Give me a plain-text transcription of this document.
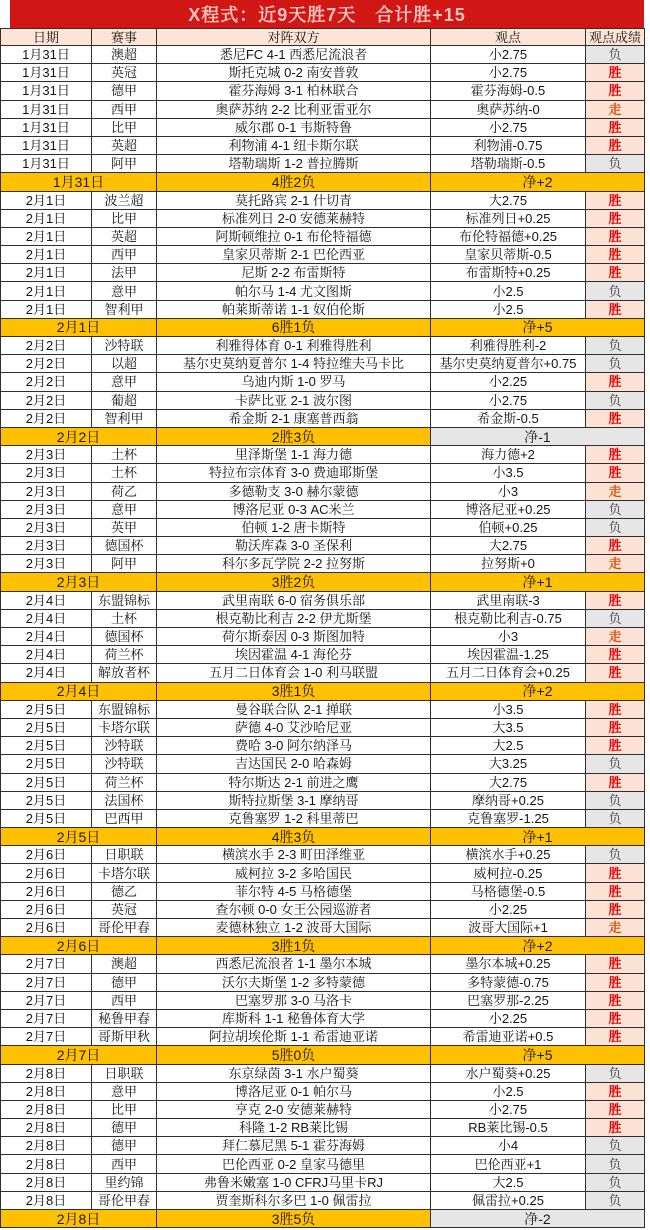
X程式：近9天胜7天　合计胜+15
日期	赛事	对阵双方	观点	观点成绩
1月31日	澳超	悉尼FC 4-1 西悉尼流浪者	小2.75	负
1月31日	英冠	斯托克城 0-2 南安普敦	小2.75	胜
1月31日	德甲	霍芬海姆 3-1 柏林联合	霍芬海姆-0.5	胜
1月31日	西甲	奥萨苏纳 2-2 比利亚雷亚尔	奥萨苏纳-0	走
1月31日	比甲	威尔郡 0-1 韦斯特鲁	小2.75	胜
1月31日	英超	利物浦 4-1 纽卡斯尔联	利物浦-0.75	胜
1月31日	阿甲	塔勒瑞斯 1-2 普拉腾斯	塔勒瑞斯-0.5	负
1月31日		4胜2负	净+2	
2月1日	波兰超	莫托路宾 2-1 什切青	大2.75	胜
2月1日	比甲	标准列日 2-0 安德莱赫特	标准列日+0.25	胜
2月1日	英超	阿斯顿维拉 0-1 布伦特福德	布伦特福德+0.25	胜
2月1日	西甲	皇家贝蒂斯 2-1 巴伦西亚	皇家贝蒂斯-0.5	胜
2月1日	法甲	尼斯 2-2 布雷斯特	布雷斯特+0.25	胜
2月1日	意甲	帕尔马 1-4 尤文图斯	小2.5	负
2月1日	智利甲	帕莱斯蒂诺 1-1 奴伯伦斯	小2.5	胜
2月1日		6胜1负	净+5	
2月2日	沙特联	利雅得体育 0-1 利雅得胜利	利雅得胜利-2	负
2月2日	以超	基尔史莫纳夏普尔 1-4 特拉维夫马卡比	基尔史莫纳夏普尔+0.75	负
2月2日	意甲	乌迪内斯 1-0 罗马	小2.25	胜
2月2日	葡超	卡萨比亚 2-1 波尔图	小2.75	负
2月2日	智利甲	希金斯 2-1 康塞普西翁	希金斯-0.5	胜
2月2日		2胜3负	净-1	
2月3日	土杯	里泽斯堡 1-1 海力德	海力德+2	胜
2月3日	土杯	特拉布宗体育 3-0 费迪耶斯堡	小3.5	胜
2月3日	荷乙	多德勒支 3-0 赫尔蒙德	小3	走
2月3日	意甲	博洛尼亚 0-3 AC米兰	博洛尼亚+0.25	负
2月3日	英甲	伯顿 1-2 唐卡斯特	伯顿+0.25	负
2月3日	德国杯	勒沃库森 3-0 圣保利	大2.75	胜
2月3日	阿甲	科尔多瓦学院 2-2 拉努斯	拉努斯+0	走
2月3日		3胜2负	净+1	
2月4日	东盟锦标	武里南联 6-0 宿务俱乐部	武里南联-3	胜
2月4日	土杯	根克勒比利吉 2-2 伊尤斯堡	根克勒比利吉-0.75	负
2月4日	德国杯	荷尔斯泰因 0-3 斯图加特	小3	走
2月4日	荷兰杯	埃因霍温 4-1 海伦芬	埃因霍温-1.25	胜
2月4日	解放者杯	五月二日体育会 1-0 利马联盟	五月二日体育会+0.25	胜
2月4日		3胜1负	净+2	
2月5日	东盟锦标	曼谷联合队 2-1 掸联	小3.5	胜
2月5日	卡塔尔联	萨德 4-0 艾沙哈尼亚	大3.5	胜
2月5日	沙特联	费哈 3-0 阿尔纳泽马	大2.5	胜
2月5日	沙特联	吉达国民 2-0 哈森姆	大3.25	负
2月5日	荷兰杯	特尔斯达 2-1 前进之鹰	大2.75	胜
2月5日	法国杯	斯特拉斯堡 3-1 摩纳哥	摩纳哥+0.25	负
2月5日	巴西甲	克鲁塞罗 1-2 科里蒂巴	克鲁塞罗-1.25	负
2月5日		4胜3负	净+1	
2月6日	日职联	横滨水手 2-3 町田泽维亚	横滨水手+0.25	负
2月6日	卡塔尔联	威柯拉 3-2 多哈国民	威柯拉-0.25	胜
2月6日	德乙	菲尔特 4-5 马格德堡	马格德堡-0.5	胜
2月6日	英冠	查尔顿 0-0 女王公园巡游者	小2.25	胜
2月6日	哥伦甲春	麦德林独立 1-2 波哥大国际	波哥大国际+1	走
2月6日		3胜1负	净+2	
2月7日	澳超	西悉尼流浪者 1-1 墨尔本城	墨尔本城+0.25	胜
2月7日	德甲	沃尔夫斯堡 1-2 多特蒙德	多特蒙德-0.75	胜
2月7日	西甲	巴塞罗那 3-0 马洛卡	巴塞罗那-2.25	胜
2月7日	秘鲁甲春	库斯科 1-1 秘鲁体育大学	小2.25	胜
2月7日	哥斯甲秋	阿拉胡埃伦斯 1-1 希雷迪亚诺	希雷迪亚诺+0.5	胜
2月7日		5胜0负	净+5	
2月8日	日职联	东京绿茵 3-1 水户蜀葵	水户蜀葵+0.25	负
2月8日	意甲	博洛尼亚 0-1 帕尔马	小2.5	胜
2月8日	比甲	亨克 2-0 安德莱赫特	小2.75	胜
2月8日	德甲	科隆 1-2 RB莱比锡	RB莱比锡-0.5	胜
2月8日	德甲	拜仁慕尼黑 5-1 霍芬海姆	小4	负
2月8日	西甲	巴伦西亚 0-2 皇家马德里	巴伦西亚+1	负
2月8日	里约锦	弗鲁米嫩塞 1-0 CFRJ马里卡RJ	大2.5	负
2月8日	哥伦甲春	贾奎斯科尔多巴 1-0 佩雷拉	佩雷拉+0.25	负
2月8日		3胜5负	净-2	
